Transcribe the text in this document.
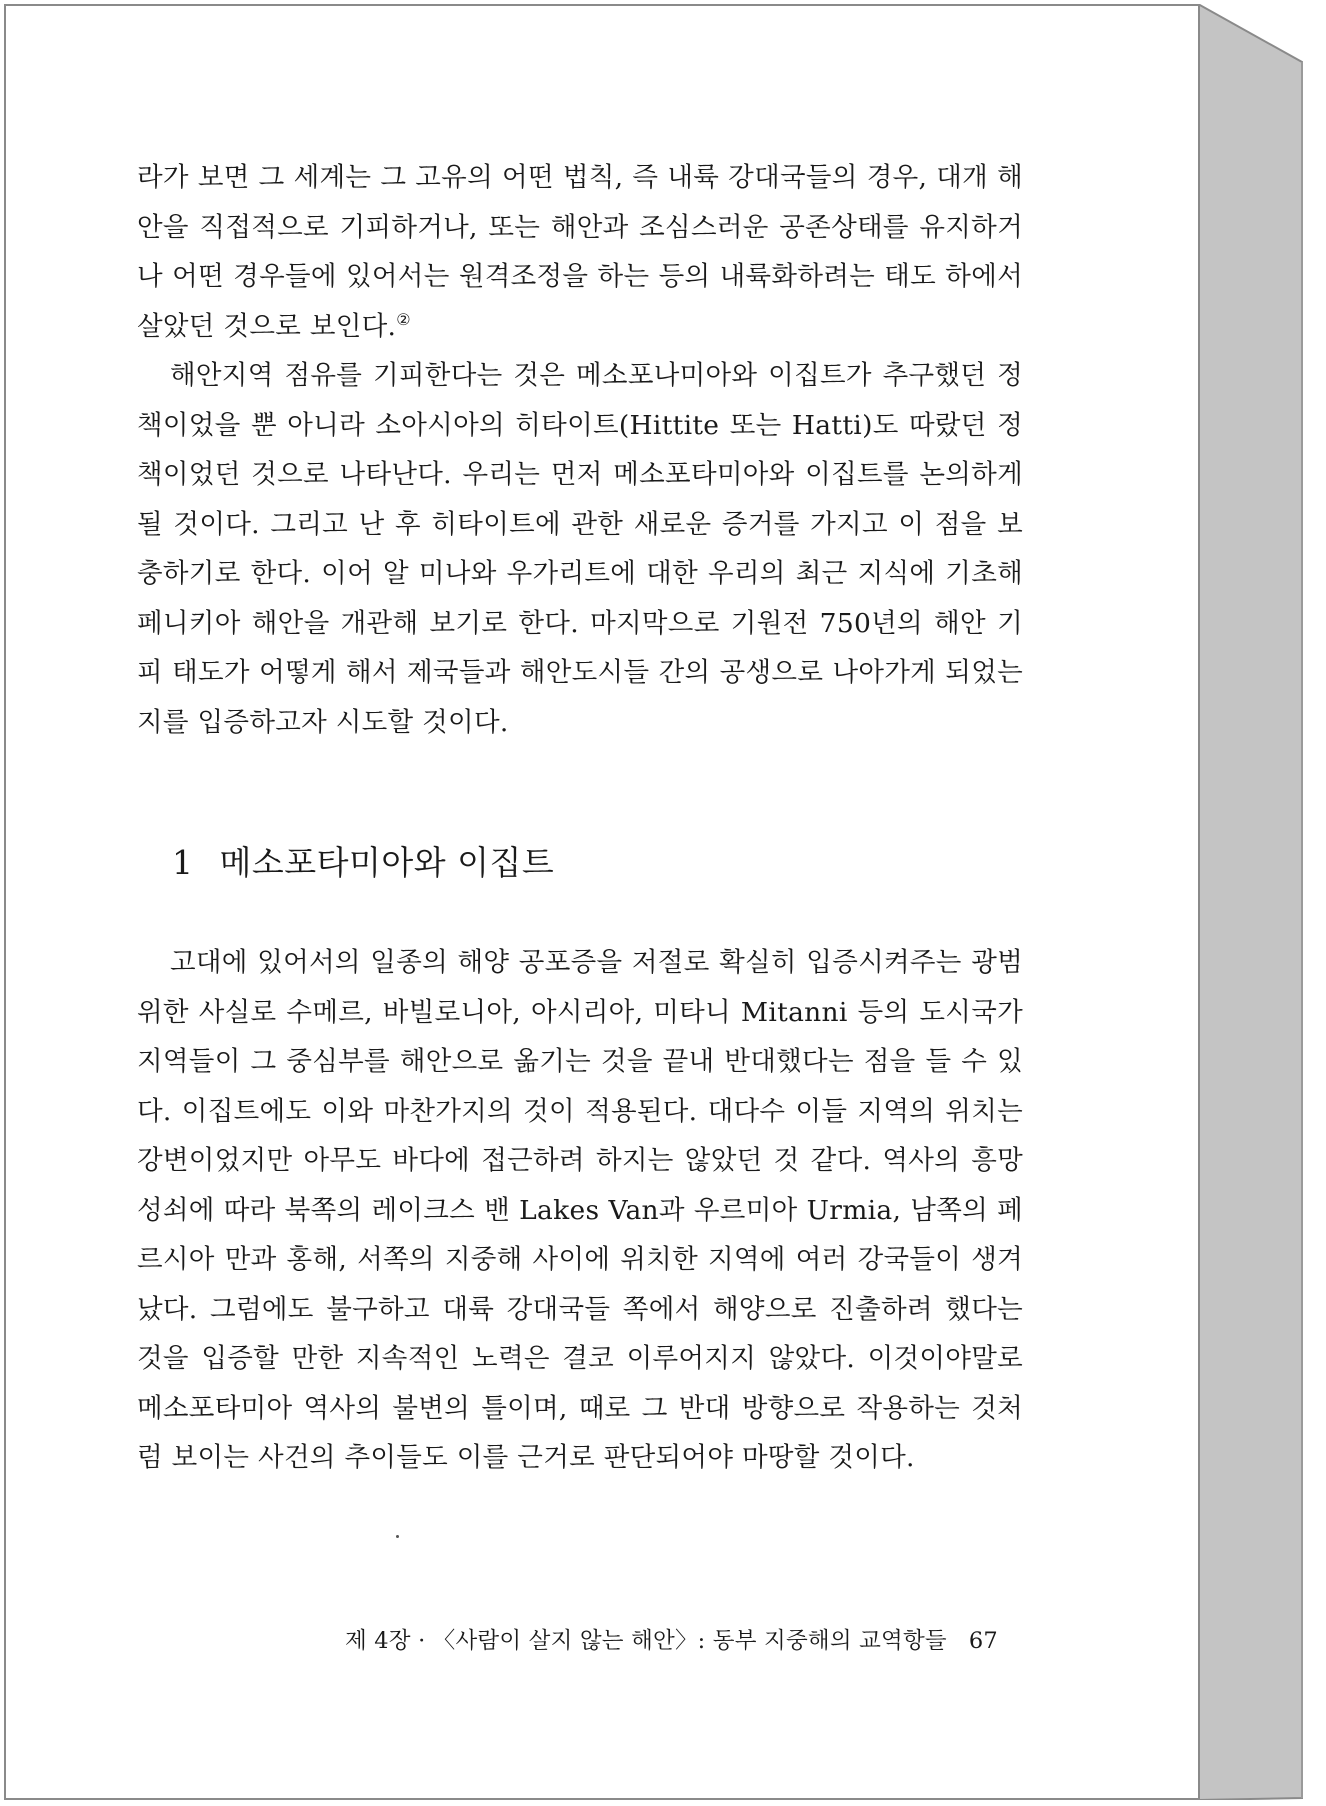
라가 보면 그 세계는 그 고유의 어떤 법칙, 즉 내륙 강대국들의 경우, 대개 해안을 직접적으로 기피하거나, 또는 해안과 조심스러운 공존상태를 유지하거나 어떤 경우들에 있어서는 원격조정을 하는 등의 내륙화하려는 태도 하에서 살았던 것으로 보인다.②

해안지역 점유를 기피한다는 것은 메소포나미아와 이집트가 추구했던 정책이었을 뿐 아니라 소아시아의 히타이트(Hittite 또는 Hatti)도 따랐던 정책이었던 것으로 나타난다. 우리는 먼저 메소포타미아와 이집트를 논의하게 될 것이다. 그리고 난 후 히타이트에 관한 새로운 증거를 가지고 이 점을 보충하기로 한다. 이어 알 미나와 우가리트에 대한 우리의 최근 지식에 기초해 페니키아 해안을 개관해 보기로 한다. 마지막으로 기원전 750년의 해안 기피 태도가 어떻게 해서 제국들과 해안도시들 간의 공생으로 나아가게 되었는지를 입증하고자 시도할 것이다.

1 메소포타미아와 이집트

고대에 있어서의 일종의 해양 공포증을 저절로 확실히 입증시켜주는 광범위한 사실로 수메르, 바빌로니아, 아시리아, 미타니 Mitanni 등의 도시국가 지역들이 그 중심부를 해안으로 옮기는 것을 끝내 반대했다는 점을 들 수 있다. 이집트에도 이와 마찬가지의 것이 적용된다. 대다수 이들 지역의 위치는 강변이었지만 아무도 바다에 접근하려 하지는 않았던 것 같다. 역사의 흥망성쇠에 따라 북쪽의 레이크스 밴 Lakes Van과 우르미아 Urmia, 남쪽의 페르시아 만과 홍해, 서쪽의 지중해 사이에 위치한 지역에 여러 강국들이 생겨났다. 그럼에도 불구하고 대륙 강대국들 쪽에서 해양으로 진출하려 했다는 것을 입증할 만한 지속적인 노력은 결코 이루어지지 않았다. 이것이야말로 메소포타미아 역사의 불변의 틀이며, 때로 그 반대 방향으로 작용하는 것처럼 보이는 사건의 추이들도 이를 근거로 판단되어야 마땅할 것이다.

제 4장 · 〈사람이 살지 않는 해안〉: 동부 지중해의 교역항들 67
